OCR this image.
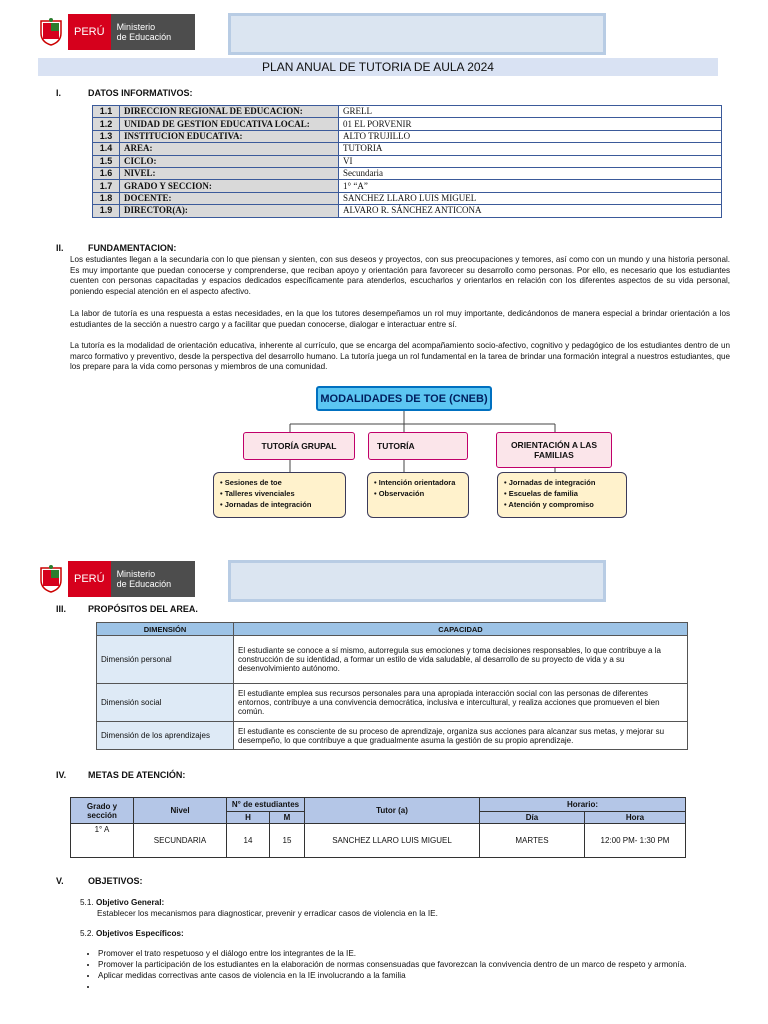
PERÚ	Ministerio
de Educación
PLAN ANUAL DE TUTORIA DE AULA 2024
I.	DATOS INFORMATIVOS:
1.1	DIRECCION REGIONAL DE EDUCACION:	GRELL
1.2	UNIDAD DE GESTION EDUCATIVA LOCAL:	01 EL PORVENIR
1.3	INSTITUCION EDUCATIVA:	ALTO TRUJILLO
1.4	AREA:	TUTORIA
1.5	CICLO:	VI
1.6	NIVEL:	Secundaria
1.7	GRADO Y SECCION:	1° “A”
1.8	DOCENTE:	SANCHEZ LLARO LUIS MIGUEL
1.9	DIRECTOR(A):	ALVARO R. SÁNCHEZ ANTICONA
II.	FUNDAMENTACION:
Los estudiantes llegan a la secundaria con lo que piensan y sienten, con sus deseos y proyectos, con sus preocupaciones y temores, así como con un mundo y una historia personal. Es muy importante que puedan conocerse y comprenderse, que reciban apoyo y orientación para favorecer su desarrollo como personas. Por ello, es necesario que los estudiantes cuenten con personas capacitadas y espacios dedicados específicamente para atenderlos, escucharlos y orientarlos en relación con los diferentes aspectos de su vida personal, poniendo especial atención en el aspecto afectivo.
La labor de tutoría es una respuesta a estas necesidades, en la que los tutores desempeñamos un rol muy importante, dedicándonos de manera especial a brindar orientación a los estudiantes de la sección a nuestro cargo y a facilitar que puedan conocerse, dialogar e interactuar entre sí.
La tutoría es la modalidad de orientación educativa, inherente al currículo, que se encarga del acompañamiento socio-afectivo, cognitivo y pedagógico de los estudiantes dentro de un marco formativo y preventivo, desde la perspectiva del desarrollo humano. La tutoría juega un rol fundamental en la tarea de brindar una formación integral a nuestros estudiantes, que los prepare para la vida como personas y miembros de una comunidad.
MODALIDADES DE TOE (CNEB)
TUTORÍA GRUPAL	TUTORÍA	ORIENTACIÓN A LAS FAMILIAS
• Sesiones de toe
• Talleres vivenciales
• Jornadas de integración
• Intención orientadora
• Observación
• Jornadas de integración
• Escuelas de familia
• Atención y compromiso
PERÚ	Ministerio
de Educación
III. PROPÓSITOS DEL AREA.
DIMENSIÓN	CAPACIDAD
Dimensión personal	El estudiante se conoce a sí mismo, autorregula sus emociones y toma decisiones responsables, lo que contribuye a la construcción de su identidad, a formar un estilo de vida saludable, al desarrollo de su proyecto de vida y a su desenvolvimiento autónomo.
Dimensión social	El estudiante emplea sus recursos personales para una apropiada interacción social con las personas de diferentes entornos, contribuye a una convivencia democrática, inclusiva e intercultural, y realiza acciones que promueven el bien común.
Dimensión de los aprendizajes	El estudiante es consciente de su proceso de aprendizaje, organiza sus acciones para alcanzar sus metas, y mejorar su desempeño, lo que contribuye a que gradualmente asuma la gestión de su propio aprendizaje.
IV. METAS DE ATENCIÓN:
Grado y sección	Nivel	N° de estudiantes		Tutor (a)	Horario:	
		H	M		Día	Hora
1° A	SECUNDARIA	14	15	SANCHEZ LLARO LUIS MIGUEL	MARTES	12:00 PM- 1:30 PM
V.	OBJETIVOS:
5.1. Objetivo General:
Establecer los mecanismos para diagnosticar, prevenir y erradicar casos de violencia en la IE.
5.2. Objetivos Específicos:
• Promover el trato respetuoso y el diálogo entre los integrantes de la IE.
• Promover la participación de los estudiantes en la elaboración de normas consensuadas que favorezcan la convivencia dentro de un marco de respeto y armonía.
• Aplicar medidas correctivas ante casos de violencia en la IE involucrando a la familia
•
